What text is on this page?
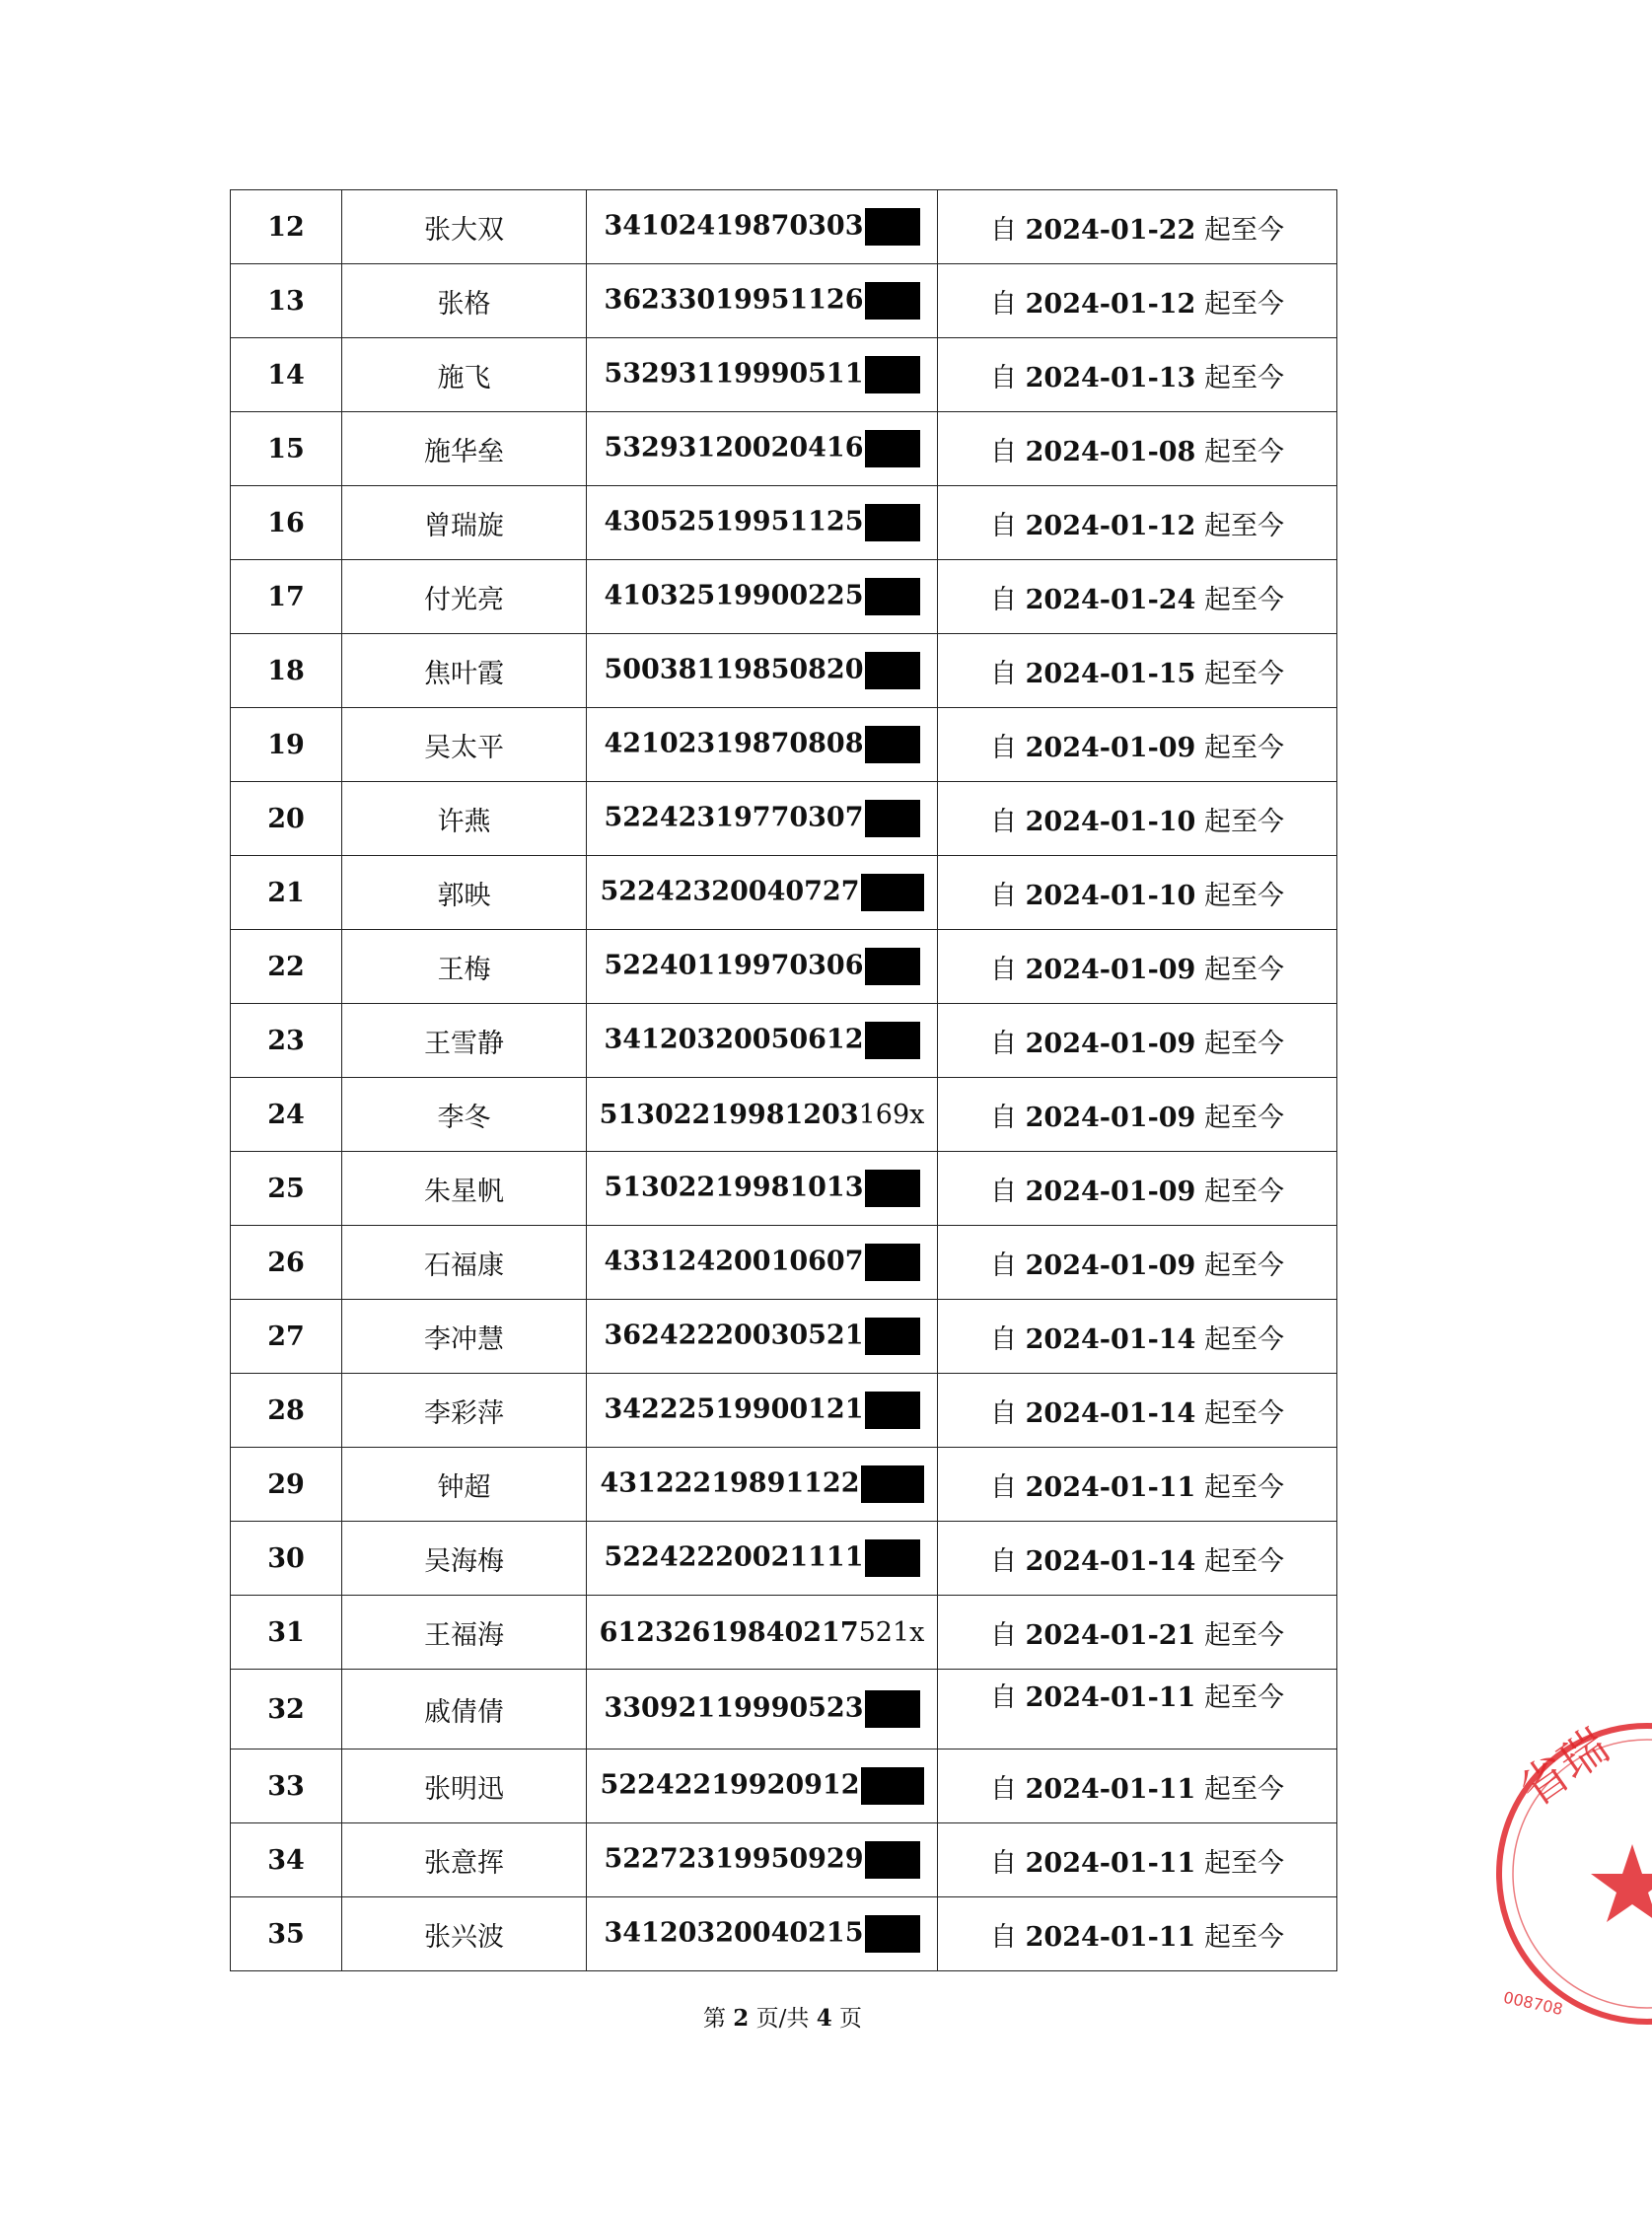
12	张大双	34102419870303	自 2024-01-22 起至今
13	张格	36233019951126	自 2024-01-12 起至今
14	施飞	53293119990511	自 2024-01-13 起至今
15	施华垒	53293120020416	自 2024-01-08 起至今
16	曾瑞旋	43052519951125	自 2024-01-12 起至今
17	付光亮	41032519900225	自 2024-01-24 起至今
18	焦叶霞	50038119850820	自 2024-01-15 起至今
19	吴太平	42102319870808	自 2024-01-09 起至今
20	许燕	52242319770307	自 2024-01-10 起至今
21	郭映	52242320040727	自 2024-01-10 起至今
22	王梅	52240119970306	自 2024-01-09 起至今
23	王雪静	34120320050612	自 2024-01-09 起至今
24	李冬	51302219981203169x	自 2024-01-09 起至今
25	朱星帆	51302219981013	自 2024-01-09 起至今
26	石福康	43312420010607	自 2024-01-09 起至今
27	李冲慧	36242220030521	自 2024-01-14 起至今
28	李彩萍	34222519900121	自 2024-01-14 起至今
29	钟超	43122219891122	自 2024-01-11 起至今
30	吴海梅	52242220021111	自 2024-01-14 起至今
31	王福海	61232619840217521x	自 2024-01-21 起至今
32	戚倩倩	33092119990523	自 2024-01-11 起至今
33	张明迅	52242219920912	自 2024-01-11 起至今
34	张意挥	52272319950929	自 2024-01-11 起至今
35	张兴波	34120320040215	自 2024-01-11 起至今
第 2 页/共 4 页
省瑞
008708
